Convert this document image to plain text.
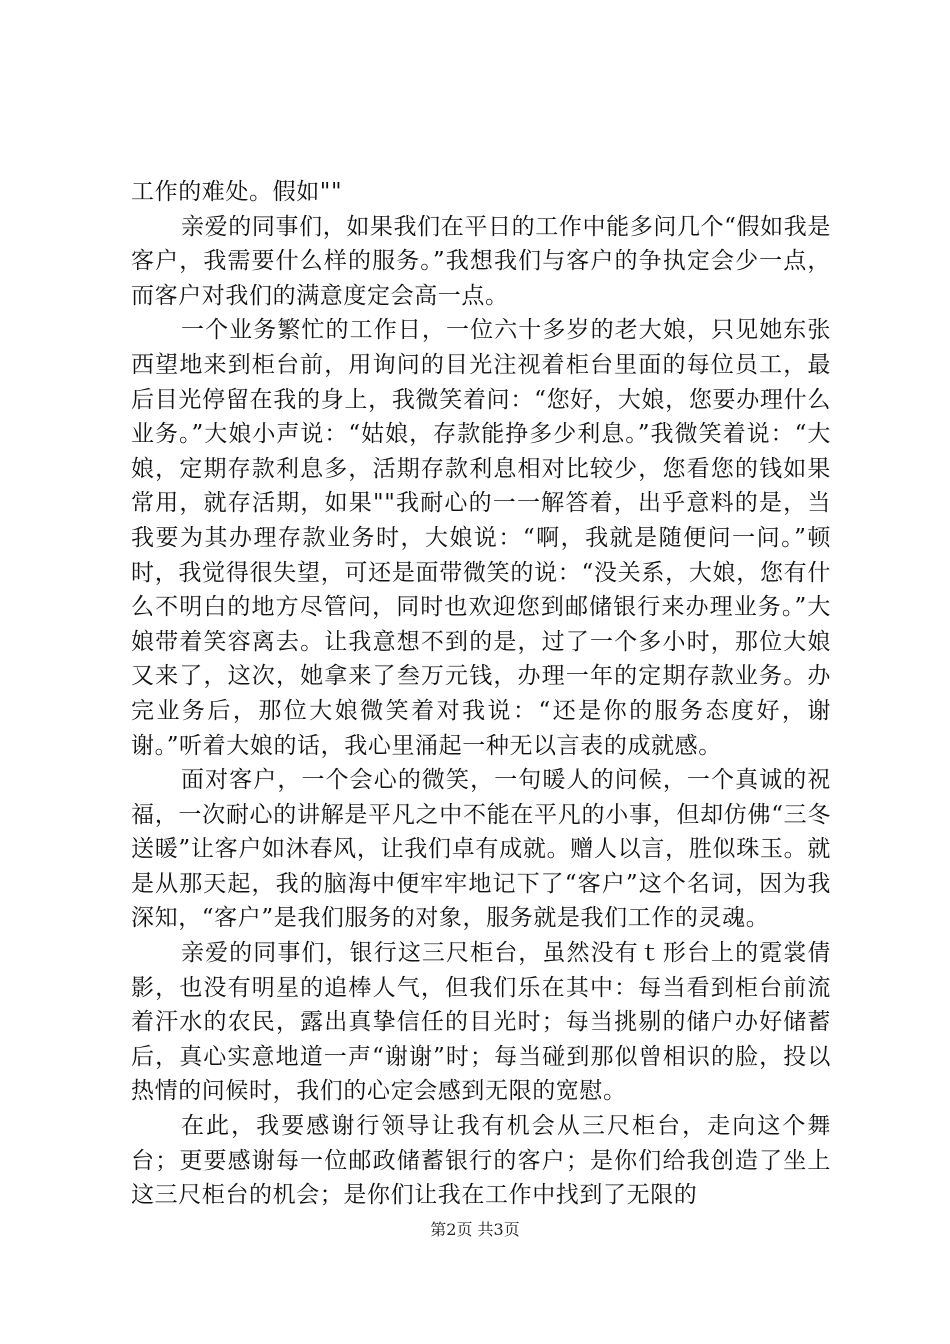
工作的难处。假如""

亲爱的同事们，如果我们在平日的工作中能多问几个“假如我是客户，我需要什么样的服务。”我想我们与客户的争执定会少一点，而客户对我们的满意度定会高一点。

一个业务繁忙的工作日，一位六十多岁的老大娘，只见她东张西望地来到柜台前，用询问的目光注视着柜台里面的每位员工，最后目光停留在我的身上，我微笑着问：“您好，大娘，您要办理什么业务。”大娘小声说：“姑娘，存款能挣多少利息。”我微笑着说：“大娘，定期存款利息多，活期存款利息相对比较少，您看您的钱如果常用，就存活期，如果""我耐心的一一解答着，出乎意料的是，当我要为其办理存款业务时，大娘说：“啊，我就是随便问一问。”顿时，我觉得很失望，可还是面带微笑的说：“没关系，大娘，您有什么不明白的地方尽管问，同时也欢迎您到邮储银行来办理业务。”大娘带着笑容离去。让我意想不到的是，过了一个多小时，那位大娘又来了，这次，她拿来了叁万元钱，办理一年的定期存款业务。办完业务后，那位大娘微笑着对我说：“还是你的服务态度好，谢谢。”听着大娘的话，我心里涌起一种无以言表的成就感。

面对客户，一个会心的微笑，一句暖人的问候，一个真诚的祝福，一次耐心的讲解是平凡之中不能在平凡的小事，但却仿佛“三冬送暖”让客户如沐春风，让我们卓有成就。赠人以言，胜似珠玉。就是从那天起，我的脑海中便牢牢地记下了“客户”这个名词，因为我深知，“客户”是我们服务的对象，服务就是我们工作的灵魂。

亲爱的同事们，银行这三尺柜台，虽然没有ｔ形台上的霓裳倩影，也没有明星的追棒人气，但我们乐在其中：每当看到柜台前流着汗水的农民，露出真挚信任的目光时；每当挑剔的储户办好储蓄后，真心实意地道一声“谢谢”时；每当碰到那似曾相识的脸，投以热情的问候时，我们的心定会感到无限的宽慰。

在此，我要感谢行领导让我有机会从三尺柜台，走向这个舞台；更要感谢每一位邮政储蓄银行的客户；是你们给我创造了坐上这三尺柜台的机会；是你们让我在工作中找到了无限的

第2页 共3页
